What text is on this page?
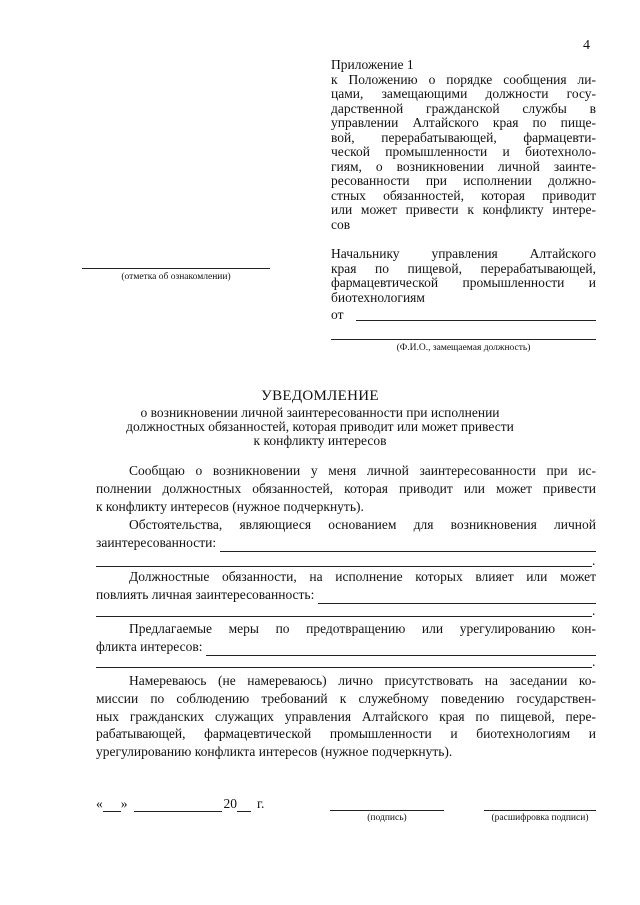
4
Приложение 1
к Положению о порядке сообщения ли-
цами, замещающими должности госу-
дарственной гражданской службы в
управлении Алтайского края по пище-
вой, перерабатывающей, фармацевти-
ческой промышленности и биотехноло-
гиям, о возникновении личной заинте-
ресованности при исполнении должно-
стных обязанностей, которая приводит
или может привести к конфликту интере-
сов
(отметка об ознакомлении)
Начальнику управления Алтайского
края по пищевой, перерабатывающей,
фармацевтической промышленности и
биотехнологиям
от
(Ф.И.О., замещаемая должность)
УВЕДОМЛЕНИЕ
о возникновении личной заинтересованности при исполнении
должностных обязанностей, которая приводит или может привести
к конфликту интересов
Сообщаю о возникновении у меня личной заинтересованности при ис-
полнении должностных обязанностей, которая приводит или может привести
к конфликту интересов (нужное подчеркнуть).
Обстоятельства, являющиеся основанием для возникновения личной
заинтересованности:
.
Должностные обязанности, на исполнение которых влияет или может
повлиять личная заинтересованность:
.
Предлагаемые меры по предотвращению или урегулированию кон-
фликта интересов:
.
Намереваюсь (не намереваюсь) лично присутствовать на заседании ко-
миссии по соблюдению требований к служебному поведению государствен-
ных гражданских служащих управления Алтайского края по пищевой, пере-
рабатывающей, фармацевтической промышленности и биотехнологиям и
урегулированию конфликта интересов (нужное подчеркнуть).
« »	20 г.
(подпись)	(расшифровка подписи)
